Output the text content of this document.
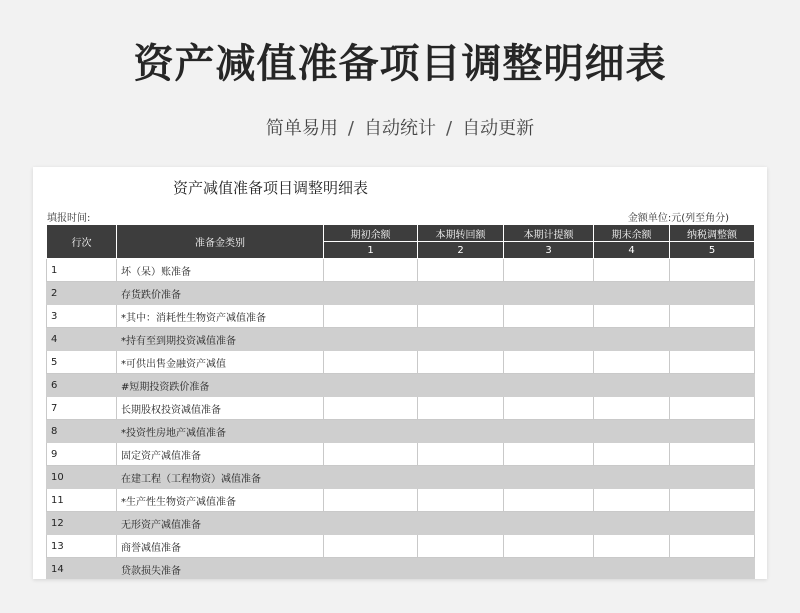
资产减值准备项目调整明细表
简单易用 / 自动统计 / 自动更新
资产减值准备项目调整明细表
填报时间:	金额单位:元(列至角分)
行次	准备金类别	期初余额	本期转回额	本期计提额	期末余额	纳税调整额
		1	2	3	4	5
1	坏（呆）账准备					
2	存货跌价准备					
3	*其中：消耗性生物资产减值准备					
4	*持有至到期投资减值准备					
5	*可供出售金融资产减值					
6	#短期投资跌价准备					
7	长期股权投资减值准备					
8	*投资性房地产减值准备					
9	固定资产减值准备					
10	在建工程（工程物资）减值准备					
11	*生产性生物资产减值准备					
12	无形资产减值准备					
13	商誉减值准备					
14	贷款损失准备					
